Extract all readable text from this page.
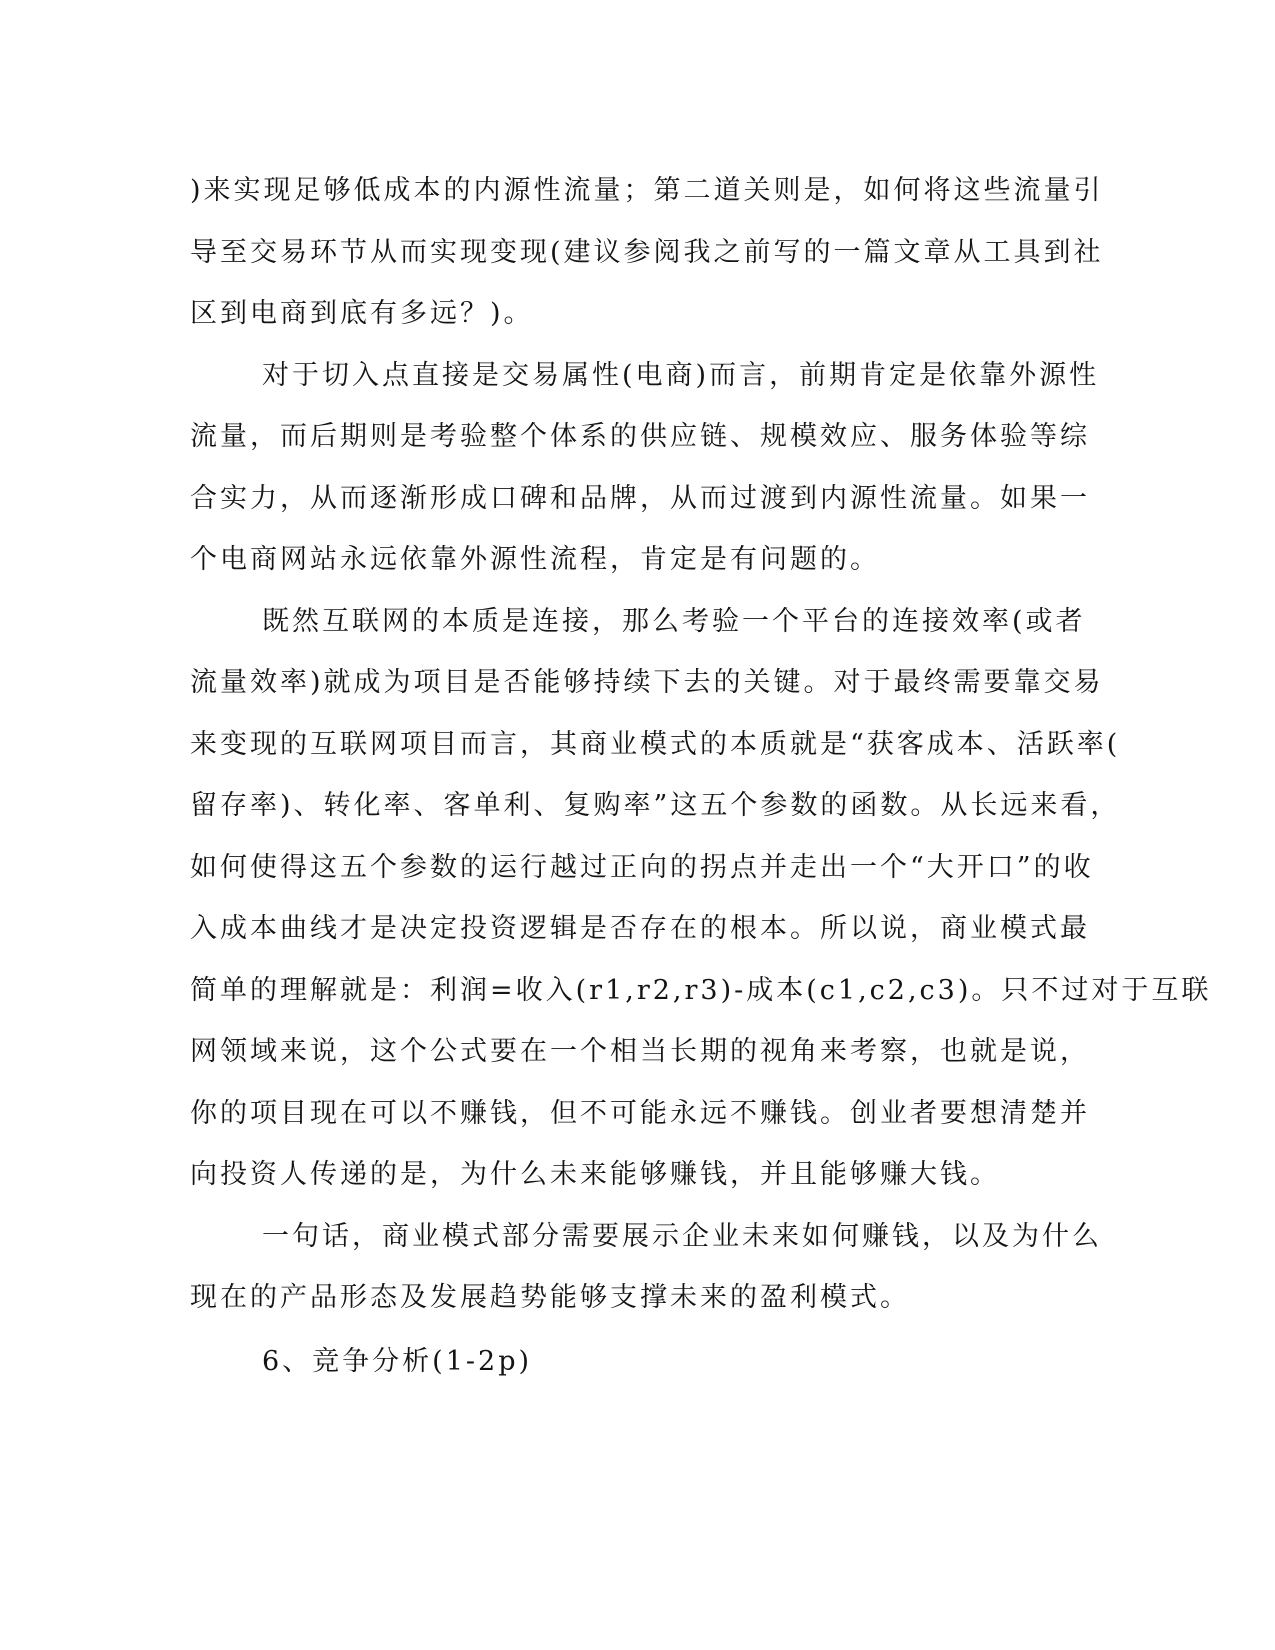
)来实现足够低成本的内源性流量；第二道关则是，如何将这些流量引
导至交易环节从而实现变现(建议参阅我之前写的一篇文章从工具到社
区到电商到底有多远？)。
对于切入点直接是交易属性(电商)而言，前期肯定是依靠外源性
流量，而后期则是考验整个体系的供应链、规模效应、服务体验等综
合实力，从而逐渐形成口碑和品牌，从而过渡到内源性流量。如果一
个电商网站永远依靠外源性流程，肯定是有问题的。
既然互联网的本质是连接，那么考验一个平台的连接效率(或者
流量效率)就成为项目是否能够持续下去的关键。对于最终需要靠交易
来变现的互联网项目而言，其商业模式的本质就是“获客成本、活跃率(
留存率)、转化率、客单利、复购率”这五个参数的函数。从长远来看，
如何使得这五个参数的运行越过正向的拐点并走出一个“大开口”的收
入成本曲线才是决定投资逻辑是否存在的根本。所以说，商业模式最
简单的理解就是：利润=收入(r1,r2,r3)-成本(c1,c2,c3)。只不过对于互联
网领域来说，这个公式要在一个相当长期的视角来考察，也就是说，
你的项目现在可以不赚钱，但不可能永远不赚钱。创业者要想清楚并
向投资人传递的是，为什么未来能够赚钱，并且能够赚大钱。
一句话，商业模式部分需要展示企业未来如何赚钱，以及为什么
现在的产品形态及发展趋势能够支撑未来的盈利模式。
6、竞争分析(1-2p)
